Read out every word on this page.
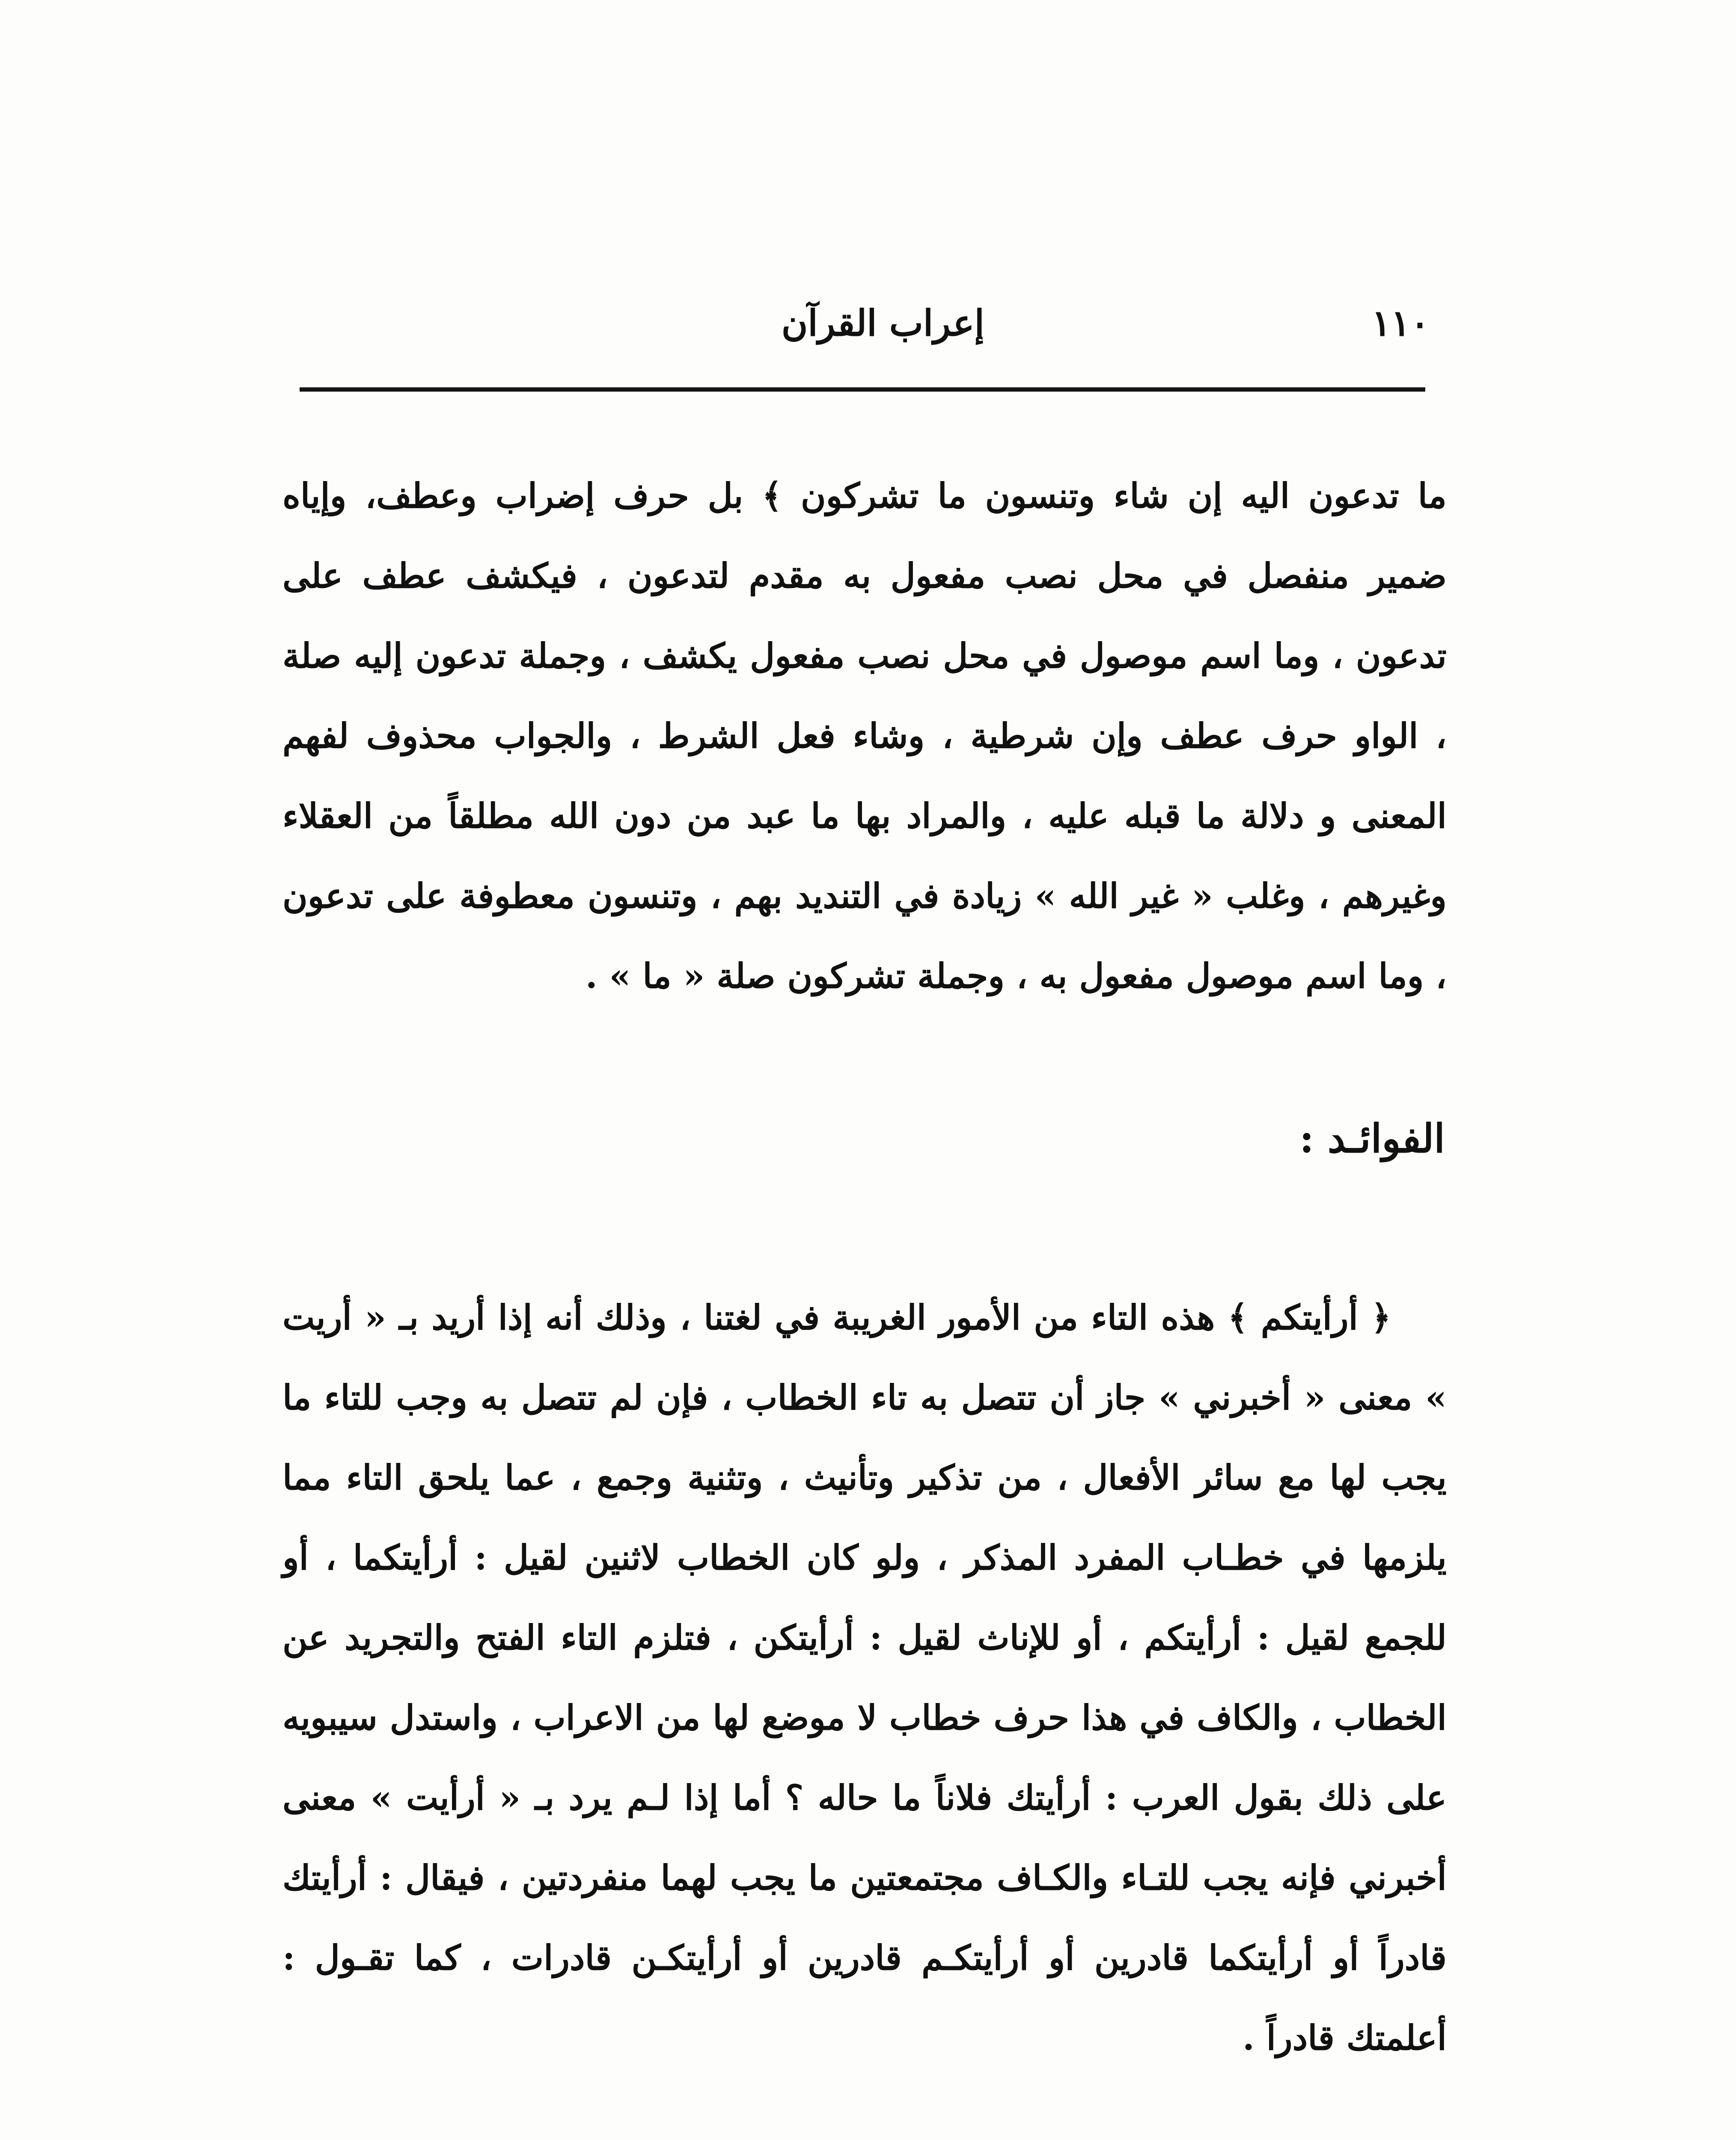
١١٠
إعراب القرآن

ما تدعون اليه إن شاء وتنسون ما تشركون ﴾ بل حرف إضراب وعطف، وإياه ضمير منفصل في محل نصب مفعول به مقدم لتدعون ، فيكشف عطف على تدعون ، وما اسم موصول في محل نصب مفعول يكشف ، وجملة تدعون إليه صلة ، الواو حرف عطف وإن شرطية ، وشاء فعل الشرط ، والجواب محذوف لفهم المعنى و دلالة ما قبله عليه ، والمراد بها ما عبد من دون الله مطلقاً من العقلاء وغيرهم ، وغلب « غير الله » زيادة في التنديد بهم ، وتنسون معطوفة على تدعون ، وما اسم موصول مفعول به ، وجملة تشركون صلة « ما » .

الفوائـد :

﴿ أرأيتكم ﴾ هذه التاء من الأمور الغريبة في لغتنا ، وذلك أنه إذا أريد بـ « أريت » معنى « أخبرني » جاز أن تتصل به تاء الخطاب ، فإن لم تتصل به وجب للتاء ما يجب لها مع سائر الأفعال ، من تذكير وتأنيث ، وتثنية وجمع ، عما يلحق التاء مما يلزمها في خطـاب المفرد المذكر ، ولو كان الخطاب لاثنين لقيل : أرأيتكما ، أو للجمع لقيل : أرأيتكم ، أو للإناث لقيل : أرأيتكن ، فتلزم التاء الفتح والتجريد عن الخطاب ، والكاف في هذا حرف خطاب لا موضع لها من الاعراب ، واستدل سيبويه على ذلك بقول العرب : أرأيتك فلاناً ما حاله ؟ أما إذا لـم يرد بـ « أرأيت » معنى أخبرني فإنه يجب للتـاء والكـاف مجتمعتين ما يجب لهما منفردتين ، فيقال : أرأيتك قادراً أو أرأيتكما قادرين أو أرأيتكـم قادرين أو أرأيتكـن قادرات ، كما تقـول : أعلمتك قادراً .
